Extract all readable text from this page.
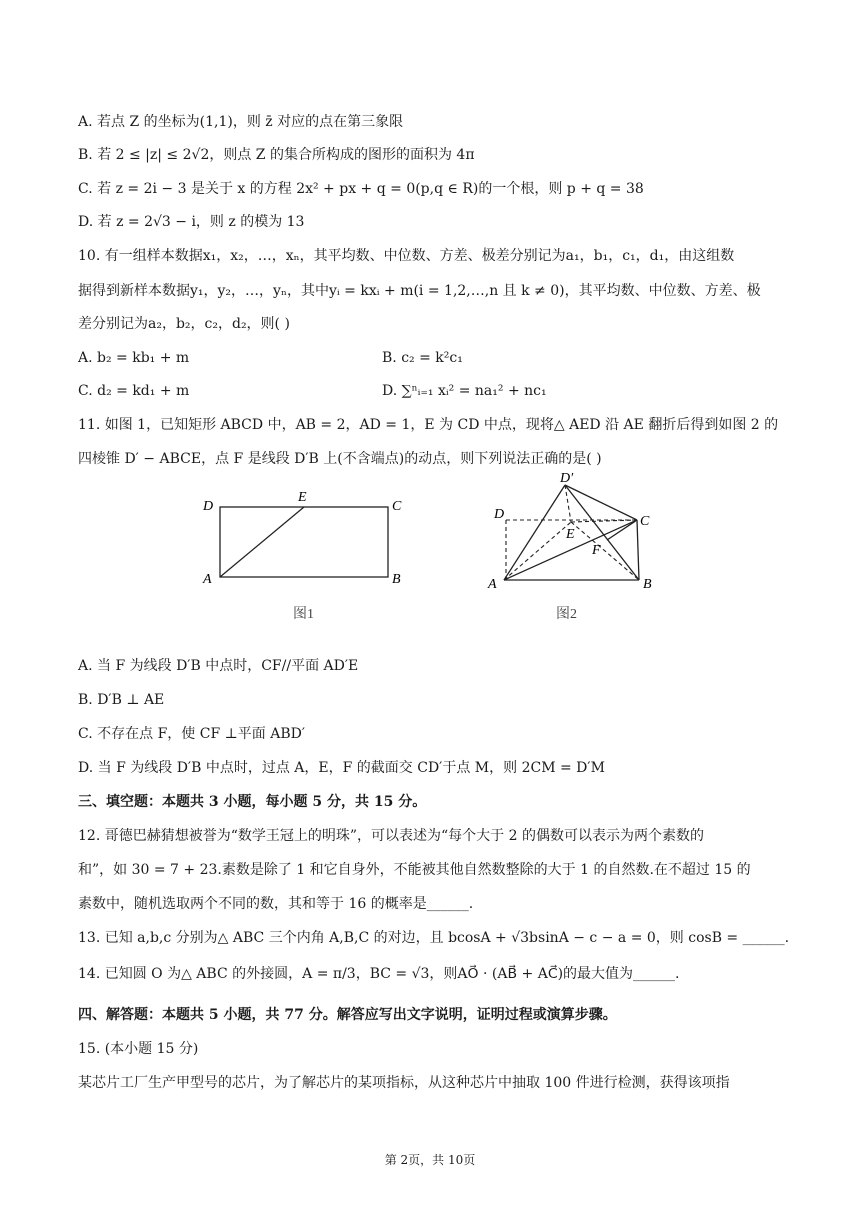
A. 若点 Z 的坐标为(1,1)，则 z̄ 对应的点在第三象限
B. 若 2 ≤ |z| ≤ 2√2，则点 Z 的集合所构成的图形的面积为 4π
C. 若 z = 2i − 3 是关于 x 的方程 2x² + px + q = 0(p,q ∈ R)的一个根，则 p + q = 38
D. 若 z = 2√3 − i，则 z 的模为 13
10. 有一组样本数据x₁，x₂，…，xₙ，其平均数、中位数、方差、极差分别记为a₁，b₁，c₁，d₁，由这组数
据得到新样本数据y₁，y₂，…，yₙ，其中yᵢ = kxᵢ + m(i = 1,2,…,n 且 k ≠ 0)，其平均数、中位数、方差、极
差分别记为a₂，b₂，c₂，d₂，则( )
A. b₂ = kb₁ + m	B. c₂ = k²c₁
C. d₂ = kd₁ + m	D. ∑ⁿᵢ₌₁ xᵢ² = na₁² + nc₁
11. 如图 1，已知矩形 ABCD 中，AB = 2，AD = 1，E 为 CD 中点，现将△ AED 沿 AE 翻折后得到如图 2 的
四棱锥 D′ − ABCE，点 F 是线段 D′B 上(不含端点)的动点，则下列说法正确的是( )
D
E
C
A	B
图1
D′
D
E
C
F
A	B
图2
A. 当 F 为线段 D′B 中点时，CF//平面 AD′E
B. D′B ⊥ AE
C. 不存在点 F，使 CF ⊥平面 ABD′
D. 当 F 为线段 D′B 中点时，过点 A，E，F 的截面交 CD′于点 M，则 2CM = D′M
三、填空题：本题共 3 小题，每小题 5 分，共 15 分。
12. 哥德巴赫猜想被誉为“数学王冠上的明珠”，可以表述为“每个大于 2 的偶数可以表示为两个素数的
和”，如 30 = 7 + 23.素数是除了 1 和它自身外，不能被其他自然数整除的大于 1 的自然数.在不超过 15 的
素数中，随机选取两个不同的数，其和等于 16 的概率是______.
13. 已知 a,b,c 分别为△ ABC 三个内角 A,B,C 的对边，且 bcosA + √3bsinA − c − a = 0，则 cosB = ______.
14. 已知圆 O 为△ ABC 的外接圆，A = π/3，BC = √3，则AO⃗ · (AB⃗ + AC⃗)的最大值为______.
四、解答题：本题共 5 小题，共 77 分。解答应写出文字说明，证明过程或演算步骤。
15. (本小题 15 分)
某芯片工厂生产甲型号的芯片，为了解芯片的某项指标，从这种芯片中抽取 100 件进行检测，获得该项指
第 2页，共 10页
